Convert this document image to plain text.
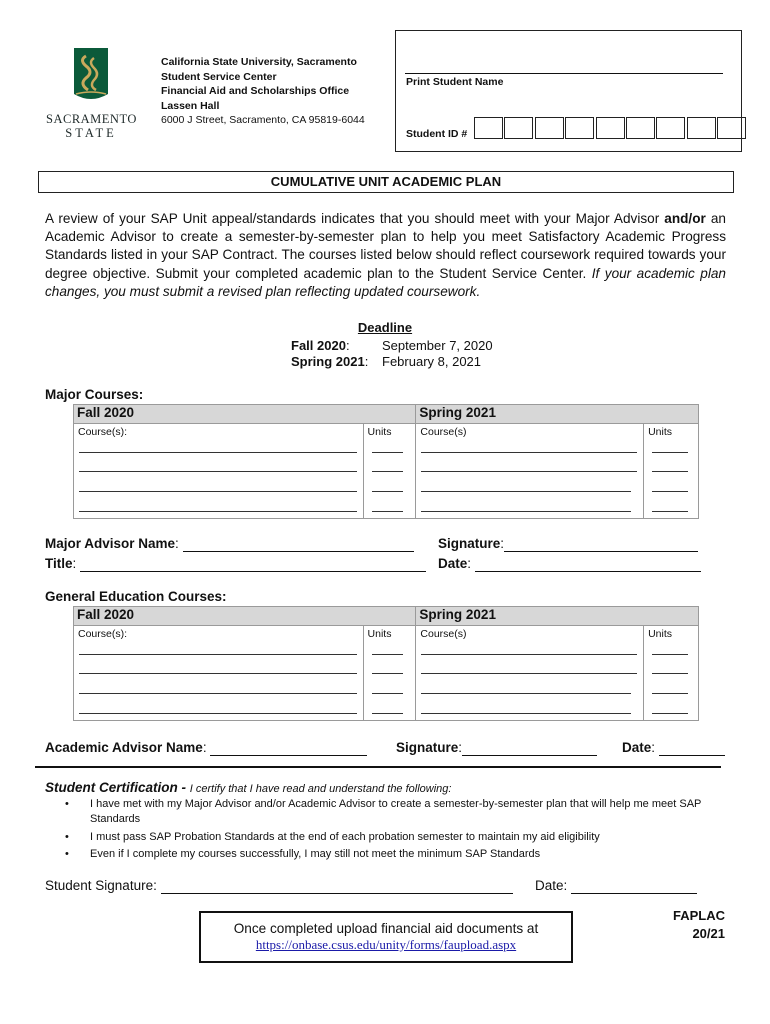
SACRAMENTO
STATE
California State University, Sacramento
Student Service Center
Financial Aid and Scholarships Office
Lassen Hall
6000 J Street, Sacramento, CA 95819-6044
Print Student Name
Student ID #
CUMULATIVE UNIT ACADEMIC PLAN
A review of your SAP Unit appeal/standards indicates that you should meet with your Major Advisor and/or an Academic Advisor to create a semester-by-semester plan to help you meet Satisfactory Academic Progress Standards listed in your SAP Contract. The courses listed below should reflect coursework required towards your degree objective. Submit your completed academic plan to the Student Service Center. If your academic plan changes, you must submit a revised plan reflecting updated coursework.
Deadline
Fall 2020: September 7, 2020
Spring 2021: February 8, 2021
Major Courses:
Fall 2020		Spring 2021	

Course(s):	Units	Course(s)	Units
Major Advisor Name:	Signature:
Title:	Date:
General Education Courses:
Fall 2020		Spring 2021	

Course(s):	Units	Course(s)	Units
Academic Advisor Name:	Signature:	Date:
Student Certification - I certify that I have read and understand the following:
• I have met with my Major Advisor and/or Academic Advisor to create a semester-by-semester plan that will help me meet SAP Standards
• I must pass SAP Probation Standards at the end of each probation semester to maintain my aid eligibility
• Even if I complete my courses successfully, I may still not meet the minimum SAP Standards
Student Signature:	Date:
Once completed upload financial aid documents at
https://onbase.csus.edu/unity/forms/faupload.aspx
FAPLAC
20/21
